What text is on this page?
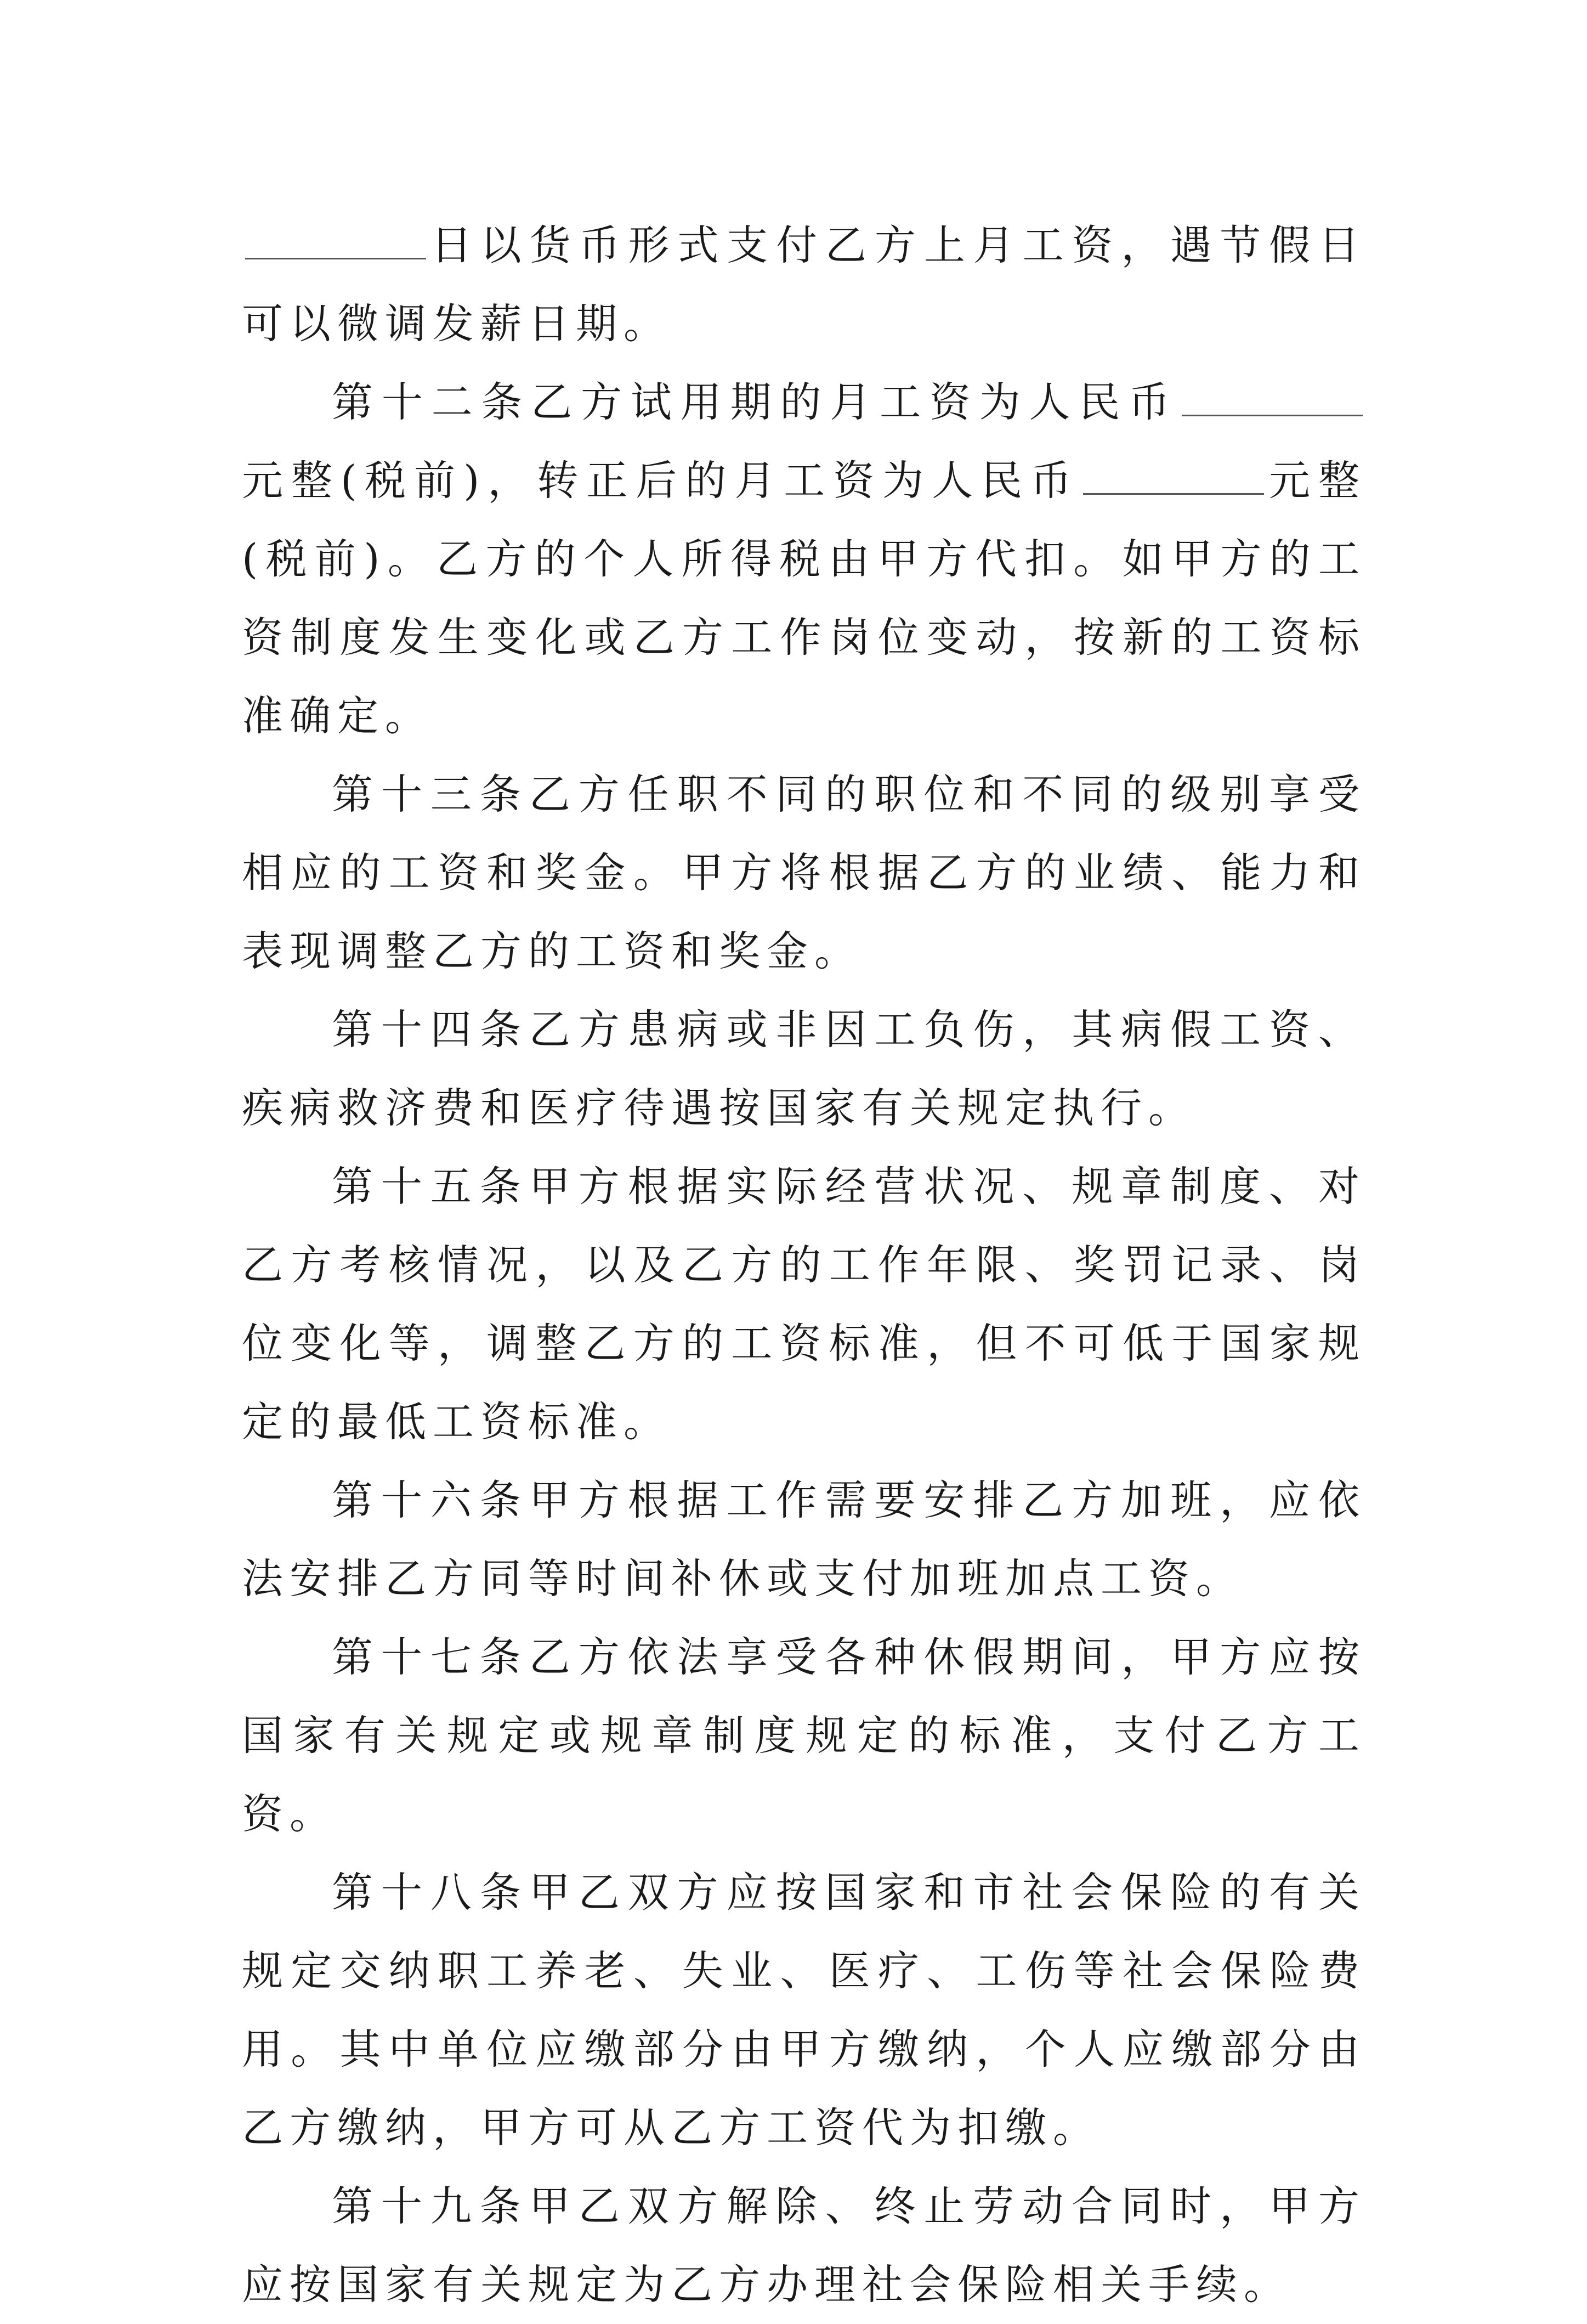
日以货币形式支付乙方上月工资，遇节假日可以微调发薪日期。

第十二条乙方试用期的月工资为人民币元整(税前)，转正后的月工资为人民币	元整(税前)。乙方的个人所得税由甲方代扣。如甲方的工资制度发生变化或乙方工作岗位变动，按新的工资标准确定。

第十三条乙方任职不同的职位和不同的级别享受相应的工资和奖金。甲方将根据乙方的业绩、能力和表现调整乙方的工资和奖金。

第十四条乙方患病或非因工负伤，其病假工资、疾病救济费和医疗待遇按国家有关规定执行。

第十五条甲方根据实际经营状况、规章制度、对乙方考核情况，以及乙方的工作年限、奖罚记录、岗位变化等，调整乙方的工资标准，但不可低于国家规定的最低工资标准。

第十六条甲方根据工作需要安排乙方加班，应依法安排乙方同等时间补休或支付加班加点工资。

第十七条乙方依法享受各种休假期间，甲方应按国家有关规定或规章制度规定的标准，支付乙方工资。

第十八条甲乙双方应按国家和市社会保险的有关规定交纳职工养老、失业、医疗、工伤等社会保险费用。其中单位应缴部分由甲方缴纳，个人应缴部分由乙方缴纳，甲方可从乙方工资代为扣缴。

第十九条甲乙双方解除、终止劳动合同时，甲方应按国家有关规定为乙方办理社会保险相关手续。
